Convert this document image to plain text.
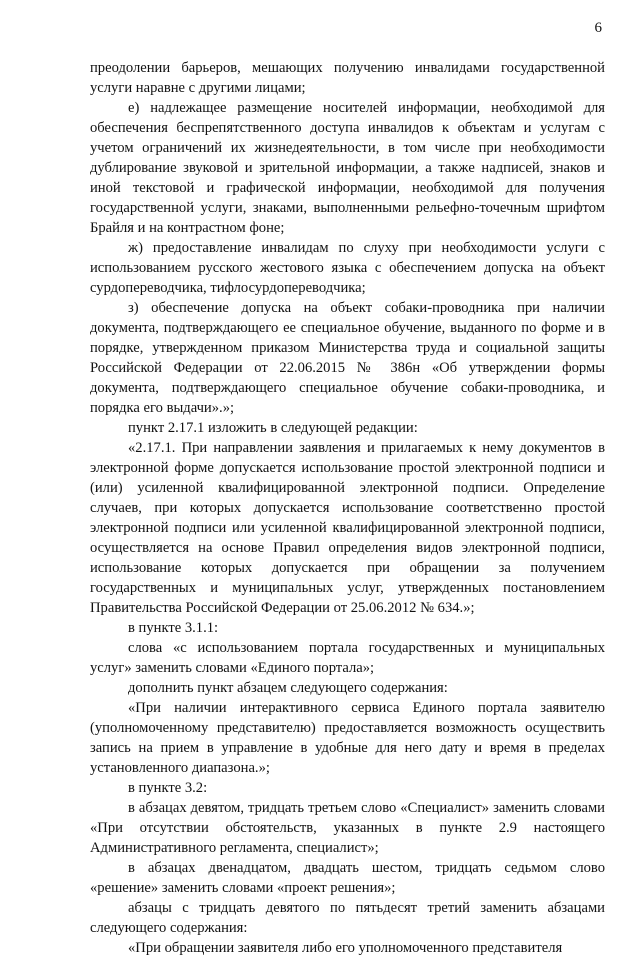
6

преодолении барьеров, мешающих получению инвалидами государственной услуги наравне с другими лицами;

е) надлежащее размещение носителей информации, необходимой для обеспечения беспрепятственного доступа инвалидов к объектам и услугам с учетом ограничений их жизнедеятельности, в том числе при необходимости дублирование звуковой и зрительной информации, а также надписей, знаков и иной текстовой и графической информации, необходимой для получения государственной услуги, знаками, выполненными рельефно-точечным шрифтом Брайля и на контрастном фоне;

ж) предоставление инвалидам по слуху при необходимости услуги с использованием русского жестового языка с обеспечением допуска на объект сурдопереводчика, тифлосурдопереводчика;

з) обеспечение допуска на объект собаки-проводника при наличии документа, подтверждающего ее специальное обучение, выданного по форме и в порядке, утвержденном приказом Министерства труда и социальной защиты Российской Федерации от 22.06.2015 № 386н «Об утверждении формы документа, подтверждающего специальное обучение собаки-проводника, и порядка его выдачи».»;

пункт 2.17.1 изложить в следующей редакции:

«2.17.1. При направлении заявления и прилагаемых к нему документов в электронной форме допускается использование простой электронной подписи и (или) усиленной квалифицированной электронной подписи. Определение случаев, при которых допускается использование соответственно простой электронной подписи или усиленной квалифицированной электронной подписи, осуществляется на основе Правил определения видов электронной подписи, использование которых допускается при обращении за получением государственных и муниципальных услуг, утвержденных постановлением Правительства Российской Федерации от 25.06.2012 № 634.»;

в пункте 3.1.1:

слова «с использованием портала государственных и муниципальных услуг» заменить словами «Единого портала»;

дополнить пункт абзацем следующего содержания:

«При наличии интерактивного сервиса Единого портала заявителю (уполномоченному представителю) предоставляется возможность осуществить запись на прием в управление в удобные для него дату и время в пределах установленного диапазона.»;

в пункте 3.2:

в абзацах девятом, тридцать третьем слово «Специалист» заменить словами «При отсутствии обстоятельств, указанных в пункте 2.9 настоящего Административного регламента, специалист»;

в абзацах двенадцатом, двадцать шестом, тридцать седьмом слово «решение» заменить словами «проект решения»;

абзацы с тридцать девятого по пятьдесят третий заменить абзацами следующего содержания:

«При обращении заявителя либо его уполномоченного представителя
